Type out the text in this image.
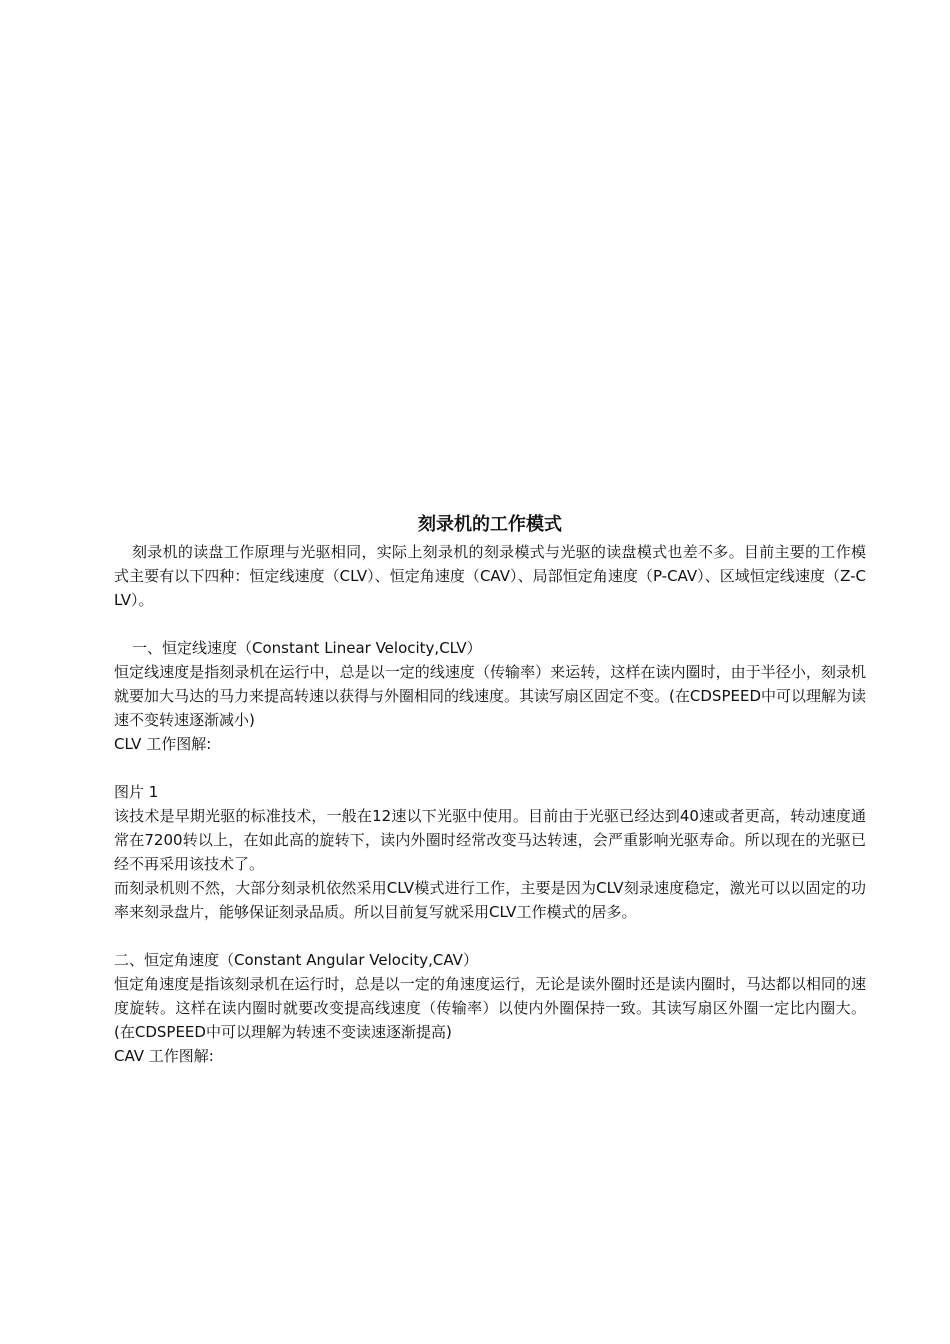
刻录机的工作模式

刻录机的读盘工作原理与光驱相同，实际上刻录机的刻录模式与光驱的读盘模式也差不多。目前主要的工作模式主要有以下四种：恒定线速度（CLV）、恒定角速度（CAV）、局部恒定角速度（P-CAV）、区域恒定线速度（Z-CLV）。

一、恒定线速度（Constant Linear Velocity,CLV）

恒定线速度是指刻录机在运行中，总是以一定的线速度（传输率）来运转，这样在读内圈时，由于半径小，刻录机就要加大马达的马力来提高转速以获得与外圈相同的线速度。其读写扇区固定不变。(在CDSPEED中可以理解为读速不变转速逐渐减小)

CLV 工作图解:

图片 1

该技术是早期光驱的标准技术，一般在12速以下光驱中使用。目前由于光驱已经达到40速或者更高，转动速度通常在7200转以上，在如此高的旋转下，读内外圈时经常改变马达转速，会严重影响光驱寿命。所以现在的光驱已经不再采用该技术了。

而刻录机则不然，大部分刻录机依然采用CLV模式进行工作，主要是因为CLV刻录速度稳定，激光可以以固定的功率来刻录盘片，能够保证刻录品质。所以目前复写就采用CLV工作模式的居多。

二、恒定角速度（Constant Angular Velocity,CAV）

恒定角速度是指该刻录机在运行时，总是以一定的角速度运行，无论是读外圈时还是读内圈时，马达都以相同的速度旋转。这样在读内圈时就要改变提高线速度（传输率）以使内外圈保持一致。其读写扇区外圈一定比内圈大。(在CDSPEED中可以理解为转速不变读速逐渐提高)

CAV 工作图解:
